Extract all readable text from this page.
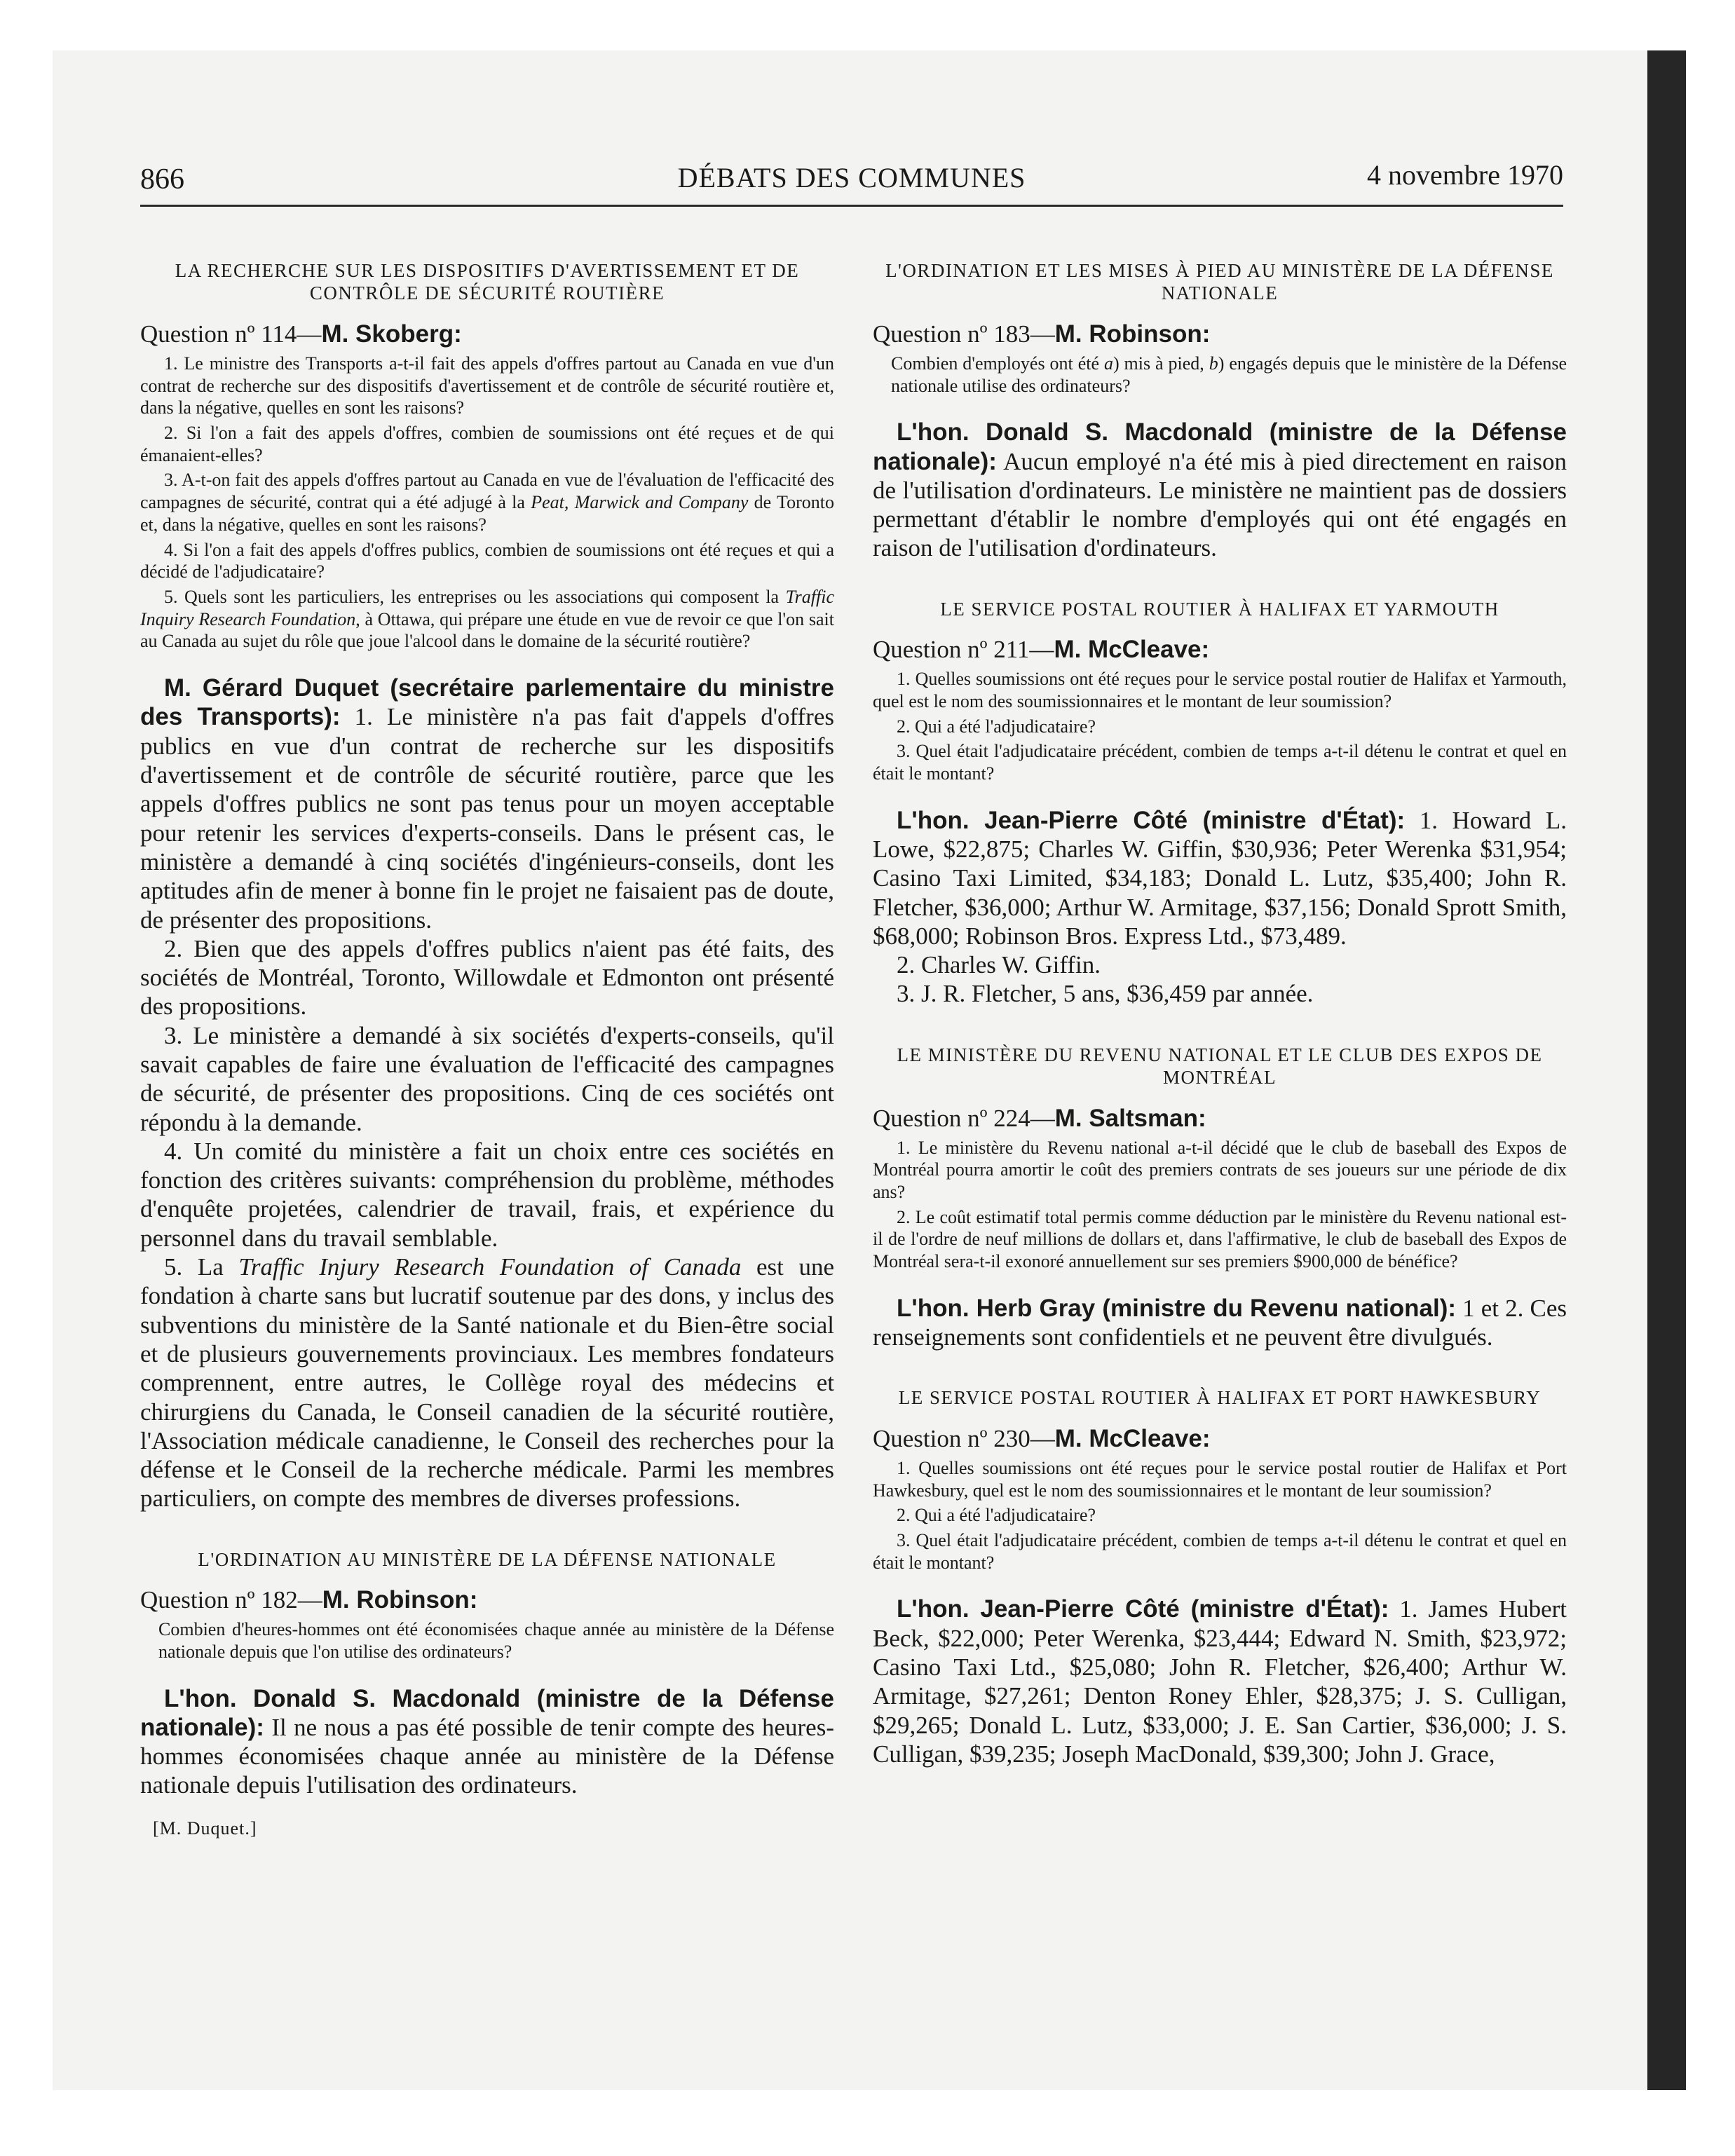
866	DÉBATS DES COMMUNES	4 novembre 1970
LA RECHERCHE SUR LES DISPOSITIFS D'AVERTISSEMENT ET DE CONTRÔLE DE SÉCURITÉ ROUTIÈRE
Question nº 114—M. Skoberg:

1. Le ministre des Transports a-t-il fait des appels d'offres partout au Canada en vue d'un contrat de recherche sur des dispositifs d'avertissement et de contrôle de sécurité routière et, dans la négative, quelles en sont les raisons?

2. Si l'on a fait des appels d'offres, combien de soumissions ont été reçues et de qui émanaient-elles?

3. A-t-on fait des appels d'offres partout au Canada en vue de l'évaluation de l'efficacité des campagnes de sécurité, contrat qui a été adjugé à la Peat, Marwick and Company de Toronto et, dans la négative, quelles en sont les raisons?

4. Si l'on a fait des appels d'offres publics, combien de soumissions ont été reçues et qui a décidé de l'adjudicataire?

5. Quels sont les particuliers, les entreprises ou les associations qui composent la Traffic Inquiry Research Foundation, à Ottawa, qui prépare une étude en vue de revoir ce que l'on sait au Canada au sujet du rôle que joue l'alcool dans le domaine de la sécurité routière?

M. Gérard Duquet (secrétaire parlementaire du ministre des Transports): 1. Le ministère n'a pas fait d'appels d'offres publics en vue d'un contrat de recherche sur les dispositifs d'avertissement et de contrôle de sécurité routière, parce que les appels d'offres publics ne sont pas tenus pour un moyen acceptable pour retenir les services d'experts-conseils. Dans le présent cas, le ministère a demandé à cinq sociétés d'ingénieurs-conseils, dont les aptitudes afin de mener à bonne fin le projet ne faisaient pas de doute, de présenter des propositions.

2. Bien que des appels d'offres publics n'aient pas été faits, des sociétés de Montréal, Toronto, Willowdale et Edmonton ont présenté des propositions.

3. Le ministère a demandé à six sociétés d'experts-conseils, qu'il savait capables de faire une évaluation de l'efficacité des campagnes de sécurité, de présenter des propositions. Cinq de ces sociétés ont répondu à la demande.

4. Un comité du ministère a fait un choix entre ces sociétés en fonction des critères suivants: compréhension du problème, méthodes d'enquête projetées, calendrier de travail, frais, et expérience du personnel dans du travail semblable.

5. La Traffic Injury Research Foundation of Canada est une fondation à charte sans but lucratif soutenue par des dons, y inclus des subventions du ministère de la Santé nationale et du Bien-être social et de plusieurs gouvernements provinciaux. Les membres fondateurs comprennent, entre autres, le Collège royal des médecins et chirurgiens du Canada, le Conseil canadien de la sécurité routière, l'Association médicale canadienne, le Conseil des recherches pour la défense et le Conseil de la recherche médicale. Parmi les membres particuliers, on compte des membres de diverses professions.

L'ORDINATION AU MINISTÈRE DE LA DÉFENSE NATIONALE
Question nº 182—M. Robinson:

Combien d'heures-hommes ont été économisées chaque année au ministère de la Défense nationale depuis que l'on utilise des ordinateurs?

L'hon. Donald S. Macdonald (ministre de la Défense nationale): Il ne nous a pas été possible de tenir compte des heures-hommes économisées chaque année au ministère de la Défense nationale depuis l'utilisation des ordinateurs.

[M. Duquet.]
L'ORDINATION ET LES MISES À PIED AU MINISTÈRE DE LA DÉFENSE NATIONALE
Question nº 183—M. Robinson:

Combien d'employés ont été a) mis à pied, b) engagés depuis que le ministère de la Défense nationale utilise des ordinateurs?

L'hon. Donald S. Macdonald (ministre de la Défense nationale): Aucun employé n'a été mis à pied directement en raison de l'utilisation d'ordinateurs. Le ministère ne maintient pas de dossiers permettant d'établir le nombre d'employés qui ont été engagés en raison de l'utilisation d'ordinateurs.

LE SERVICE POSTAL ROUTIER À HALIFAX ET YARMOUTH
Question nº 211—M. McCleave:

1. Quelles soumissions ont été reçues pour le service postal routier de Halifax et Yarmouth, quel est le nom des soumissionnaires et le montant de leur soumission?

2. Qui a été l'adjudicataire?

3. Quel était l'adjudicataire précédent, combien de temps a-t-il détenu le contrat et quel en était le montant?

L'hon. Jean-Pierre Côté (ministre d'État): 1. Howard L. Lowe, $22,875; Charles W. Giffin, $30,936; Peter Werenka $31,954; Casino Taxi Limited, $34,183; Donald L. Lutz, $35,400; John R. Fletcher, $36,000; Arthur W. Armitage, $37,156; Donald Sprott Smith, $68,000; Robinson Bros. Express Ltd., $73,489.

2. Charles W. Giffin.

3. J. R. Fletcher, 5 ans, $36,459 par année.

LE MINISTÈRE DU REVENU NATIONAL ET LE CLUB DES EXPOS DE MONTRÉAL
Question nº 224—M. Saltsman:

1. Le ministère du Revenu national a-t-il décidé que le club de baseball des Expos de Montréal pourra amortir le coût des premiers contrats de ses joueurs sur une période de dix ans?

2. Le coût estimatif total permis comme déduction par le ministère du Revenu national est-il de l'ordre de neuf millions de dollars et, dans l'affirmative, le club de baseball des Expos de Montréal sera-t-il exonoré annuellement sur ses premiers $900,000 de bénéfice?

L'hon. Herb Gray (ministre du Revenu national): 1 et 2. Ces renseignements sont confidentiels et ne peuvent être divulgués.

LE SERVICE POSTAL ROUTIER À HALIFAX ET PORT HAWKESBURY
Question nº 230—M. McCleave:

1. Quelles soumissions ont été reçues pour le service postal routier de Halifax et Port Hawkesbury, quel est le nom des soumissionnaires et le montant de leur soumission?

2. Qui a été l'adjudicataire?

3. Quel était l'adjudicataire précédent, combien de temps a-t-il détenu le contrat et quel en était le montant?

L'hon. Jean-Pierre Côté (ministre d'État): 1. James Hubert Beck, $22,000; Peter Werenka, $23,444; Edward N. Smith, $23,972; Casino Taxi Ltd., $25,080; John R. Fletcher, $26,400; Arthur W. Armitage, $27,261; Denton Roney Ehler, $28,375; J. S. Culligan, $29,265; Donald L. Lutz, $33,000; J. E. San Cartier, $36,000; J. S. Culligan, $39,235; Joseph MacDonald, $39,300; John J. Grace,
